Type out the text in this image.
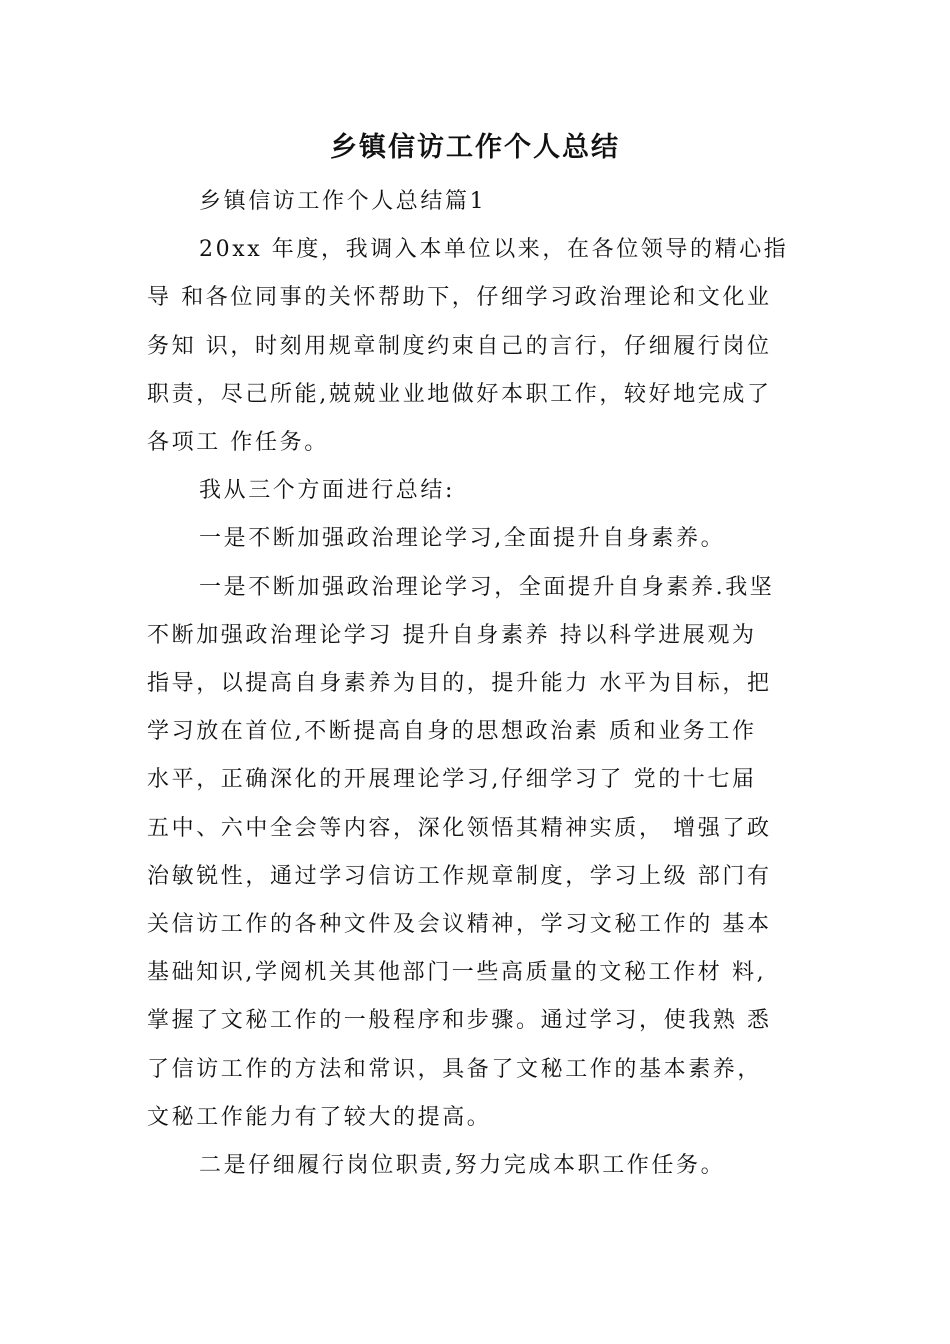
乡镇信访工作个人总结
乡镇信访工作个人总结篇1
20xx 年度，我调入本单位以来，在各位领导的精心指
导 和各位同事的关怀帮助下，仔细学习政治理论和文化业
务知 识，时刻用规章制度约束自己的言行，仔细履行岗位
职责，尽己所能,兢兢业业地做好本职工作，较好地完成了
各项工 作任务。
我从三个方面进行总结:
一是不断加强政治理论学习,全面提升自身素养。
一是不断加强政治理论学习，全面提升自身素养.我坚
不断加强政治理论学习 提升自身素养 持以科学进展观为
指导，以提高自身素养为目的，提升能力 水平为目标，把
学习放在首位,不断提高自身的思想政治素 质和业务工作
水平，正确深化的开展理论学习,仔细学习了 党的十七届
五中、六中全会等内容，深化领悟其精神实质， 增强了政
治敏锐性，通过学习信访工作规章制度，学习上级 部门有
关信访工作的各种文件及会议精神，学习文秘工作的 基本
基础知识,学阅机关其他部门一些高质量的文秘工作材 料,
掌握了文秘工作的一般程序和步骤。通过学习，使我熟 悉
了信访工作的方法和常识，具备了文秘工作的基本素养，
文秘工作能力有了较大的提高。
二是仔细履行岗位职责,努力完成本职工作任务。
